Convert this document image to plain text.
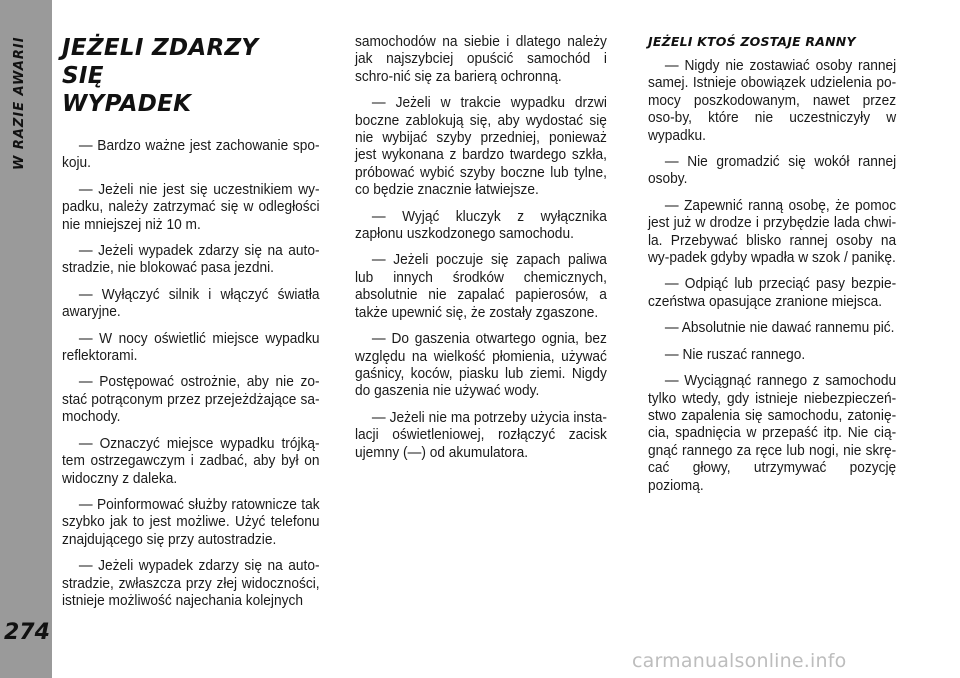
W RAZIE AWARII
274
JEŻELI ZDARZY SIĘ
WYPADEK

— Bardzo ważne jest zachowanie spo-koju.

— Jeżeli nie jest się uczestnikiem wy-padku, należy zatrzymać się w odległości nie mniejszej niż 10 m.

— Jeżeli wypadek zdarzy się na auto-stradzie, nie blokować pasa jezdni.

— Wyłączyć silnik i włączyć światła awaryjne.

— W nocy oświetlić miejsce wypadku reflektorami.

— Postępować ostrożnie, aby nie zo-stać potrąconym przez przejeżdżające sa-mochody.

— Oznaczyć miejsce wypadku trójką-tem ostrzegawczym i zadbać, aby był on widoczny z daleka.

— Poinformować służby ratownicze tak szybko jak to jest możliwe. Użyć telefonu znajdującego się przy autostradzie.

— Jeżeli wypadek zdarzy się na auto-stradzie, zwłaszcza przy złej widoczności, istnieje możliwość najechania kolejnych

samochodów na siebie i dlatego należy jak najszybciej opuścić samochód i schro-nić się za barierą ochronną.

— Jeżeli w trakcie wypadku drzwi boczne zablokują się, aby wydostać się nie wybijać szyby przedniej, ponieważ jest wykonana z bardzo twardego szkła, próbować wybić szyby boczne lub tylne, co będzie znacznie łatwiejsze.

— Wyjąć kluczyk z wyłącznika zapłonu uszkodzonego samochodu.

— Jeżeli poczuje się zapach paliwa lub innych środków chemicznych, absolutnie nie zapalać papierosów, a także upewnić się, że zostały zgaszone.

— Do gaszenia otwartego ognia, bez względu na wielkość płomienia, używać gaśnicy, koców, piasku lub ziemi. Nigdy do gaszenia nie używać wody.

— Jeżeli nie ma potrzeby użycia insta-lacji oświetleniowej, rozłączyć zacisk ujemny (—) od akumulatora.

JEŻELI KTOŚ ZOSTAJE RANNY

— Nigdy nie zostawiać osoby rannej samej. Istnieje obowiązek udzielenia po-mocy poszkodowanym, nawet przez oso-by, które nie uczestniczyły w wypadku.

— Nie gromadzić się wokół rannej osoby.

— Zapewnić ranną osobę, że pomoc jest już w drodze i przybędzie lada chwi-la. Przebywać blisko rannej osoby na wy-padek gdyby wpadła w szok / panikę.

— Odpiąć lub przeciąć pasy bezpie-czeństwa opasujące zranione miejsca.

— Absolutnie nie dawać rannemu pić.

— Nie ruszać rannego.

— Wyciągnąć rannego z samochodu tylko wtedy, gdy istnieje niebezpieczeń-stwo zapalenia się samochodu, zatonię-cia, spadnięcia w przepaść itp. Nie cią-gnąć rannego za ręce lub nogi, nie skrę-cać głowy, utrzymywać pozycję poziomą.

carmanualsonline.info
